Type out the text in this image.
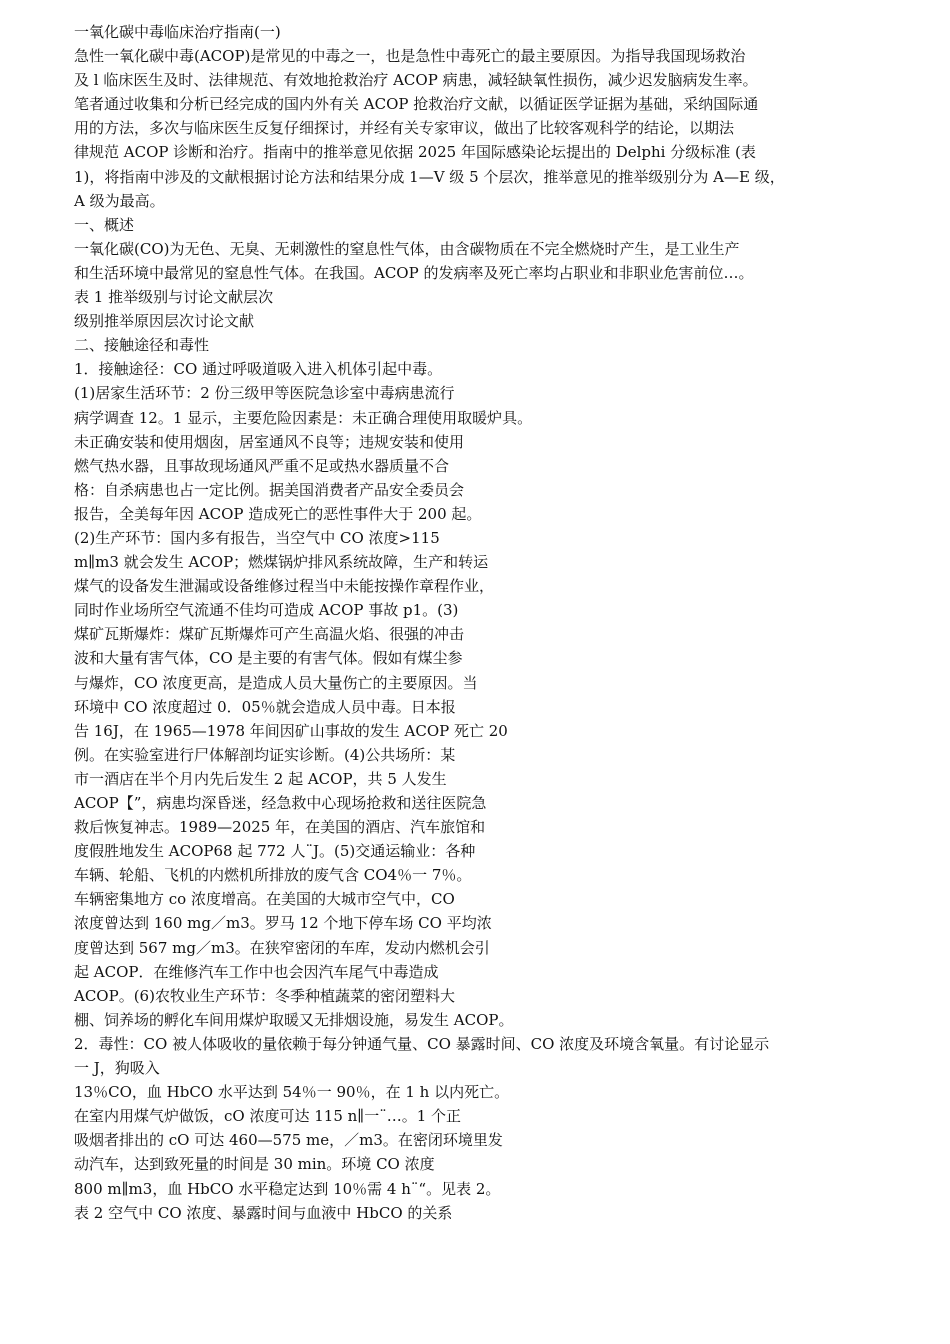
一氧化碳中毒临床治疗指南(一)
急性一氧化碳中毒(ACOP)是常见的中毒之一，也是急性中毒死亡的最主要原因。为指导我国现场救治
及 l 临床医生及时、法律规范、有效地抢救治疗 ACOP 病患，减轻缺氧性损伤，减少迟发脑病发生率。
笔者通过收集和分析已经完成的国内外有关 ACOP 抢救治疗文献，以循证医学证据为基础，采纳国际通
用的方法，多次与临床医生反复仔细探讨，并经有关专家审议，做出了比较客观科学的结论，以期法
律规范 ACOP 诊断和治疗。指南中的推举意见依据 2025 年国际感染论坛提出的 Delphi 分级标准 (表
1)，将指南中涉及的文献根据讨论方法和结果分成 1—V 级 5 个层次，推举意见的推举级别分为 A—E 级，
A 级为最高。
一、概述
一氧化碳(CO)为无色、无臭、无刺激性的窒息性气体，由含碳物质在不完全燃烧时产生，是工业生产
和生活环境中最常见的窒息性气体。在我国。ACOP 的发病率及死亡率均占职业和非职业危害前位…。
表 1 推举级别与讨论文献层次
级别推举原因层次讨论文献
二、接触途径和毒性
1．接触途径：CO 通过呼吸道吸入进入机体引起中毒。
(1)居家生活环节：2 份三级甲等医院急诊室中毒病患流行
病学调查 12。1 显示，主要危险因素是：未正确合理使用取暖炉具。
未正确安装和使用烟囱，居室通风不良等；违规安装和使用
燃气热水器，且事故现场通风严重不足或热水器质量不合
格：自杀病患也占一定比例。据美国消费者产品安全委员会
报告，全美每年因 ACOP 造成死亡的恶性事件大于 200 起。
(2)生产环节：国内多有报告，当空气中 CO 浓度>115
m∥m3 就会发生 ACOP；燃煤锅炉排风系统故障，生产和转运
煤气的设备发生泄漏或设备维修过程当中未能按操作章程作业，
同时作业场所空气流通不佳均可造成 ACOP 事故 p1。(3)
煤矿瓦斯爆炸：煤矿瓦斯爆炸可产生高温火焰、很强的冲击
波和大量有害气体，CO 是主要的有害气体。假如有煤尘参
与爆炸，CO 浓度更高，是造成人员大量伤亡的主要原因。当
环境中 CO 浓度超过 0．05％就会造成人员中毒。日本报
告 16J，在 1965—1978 年间因矿山事故的发生 ACOP 死亡 20
例。在实验室进行尸体解剖均证实诊断。(4)公共场所：某
市一酒店在半个月内先后发生 2 起 ACOP，共 5 人发生
ACOP【”，病患均深昏迷，经急救中心现场抢救和送往医院急
救后恢复神志。1989—2025 年，在美国的酒店、汽车旅馆和
度假胜地发生 ACOP68 起 772 人¨J。(5)交通运输业：各种
车辆、轮船、飞机的内燃机所排放的废气含 CO4％一 7％。
车辆密集地方 co 浓度增高。在美国的大城市空气中，CO
浓度曾达到 160 mg／m3。罗马 12 个地下停车场 CO 平均浓
度曾达到 567 mg／m3。在狭窄密闭的车库，发动内燃机会引
起 ACOP．在维修汽车工作中也会因汽车尾气中毒造成
ACOP。(6)农牧业生产环节：冬季种植蔬菜的密闭塑料大
棚、饲养场的孵化车间用煤炉取暖又无排烟设施，易发生 ACOP。
2．毒性：CO 被人体吸收的量依赖于每分钟通气量、CO 暴露时间、CO 浓度及环境含氧量。有讨论显示
一 J，狗吸入
13％CO，血 HbCO 水平达到 54％一 90％，在 1 h 以内死亡。
在室内用煤气炉做饭，cO 浓度可达 115 n∥一¨…。1 个正
吸烟者排出的 cO 可达 460—575 me，／m3。在密闭环境里发
动汽车，达到致死量的时间是 30 min。环境 CO 浓度
800 m∥m3，血 HbCO 水平稳定达到 10％需 4 h¨“。见表 2。
表 2 空气中 CO 浓度、暴露时间与血液中 HbCO 的关系
